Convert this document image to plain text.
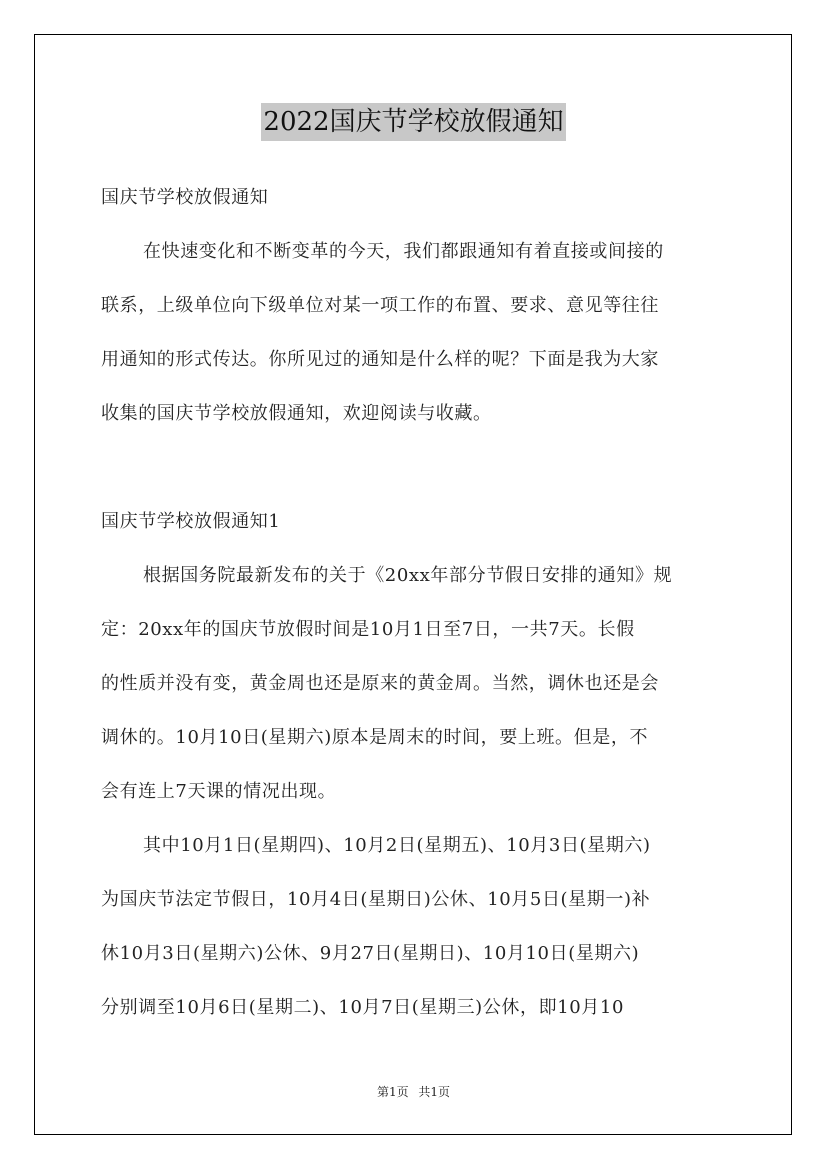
2022国庆节学校放假通知
国庆节学校放假通知
在快速变化和不断变革的今天，我们都跟通知有着直接或间接的
联系，上级单位向下级单位对某一项工作的布置、要求、意见等往往
用通知的形式传达。你所见过的通知是什么样的呢？下面是我为大家
收集的国庆节学校放假通知，欢迎阅读与收藏。
国庆节学校放假通知1
根据国务院最新发布的关于《20xx年部分节假日安排的通知》规
定：20xx年的国庆节放假时间是10月1日至7日，一共7天。长假
的性质并没有变，黄金周也还是原来的黄金周。当然，调休也还是会
调休的。10月10日(星期六)原本是周末的时间，要上班。但是，不
会有连上7天课的情况出现。
其中10月1日(星期四)、10月2日(星期五)、10月3日(星期六)
为国庆节法定节假日，10月4日(星期日)公休、10月5日(星期一)补
休10月3日(星期六)公休、9月27日(星期日)、10月10日(星期六)
分别调至10月6日(星期二)、10月7日(星期三)公休，即10月10
第1页 共1页
